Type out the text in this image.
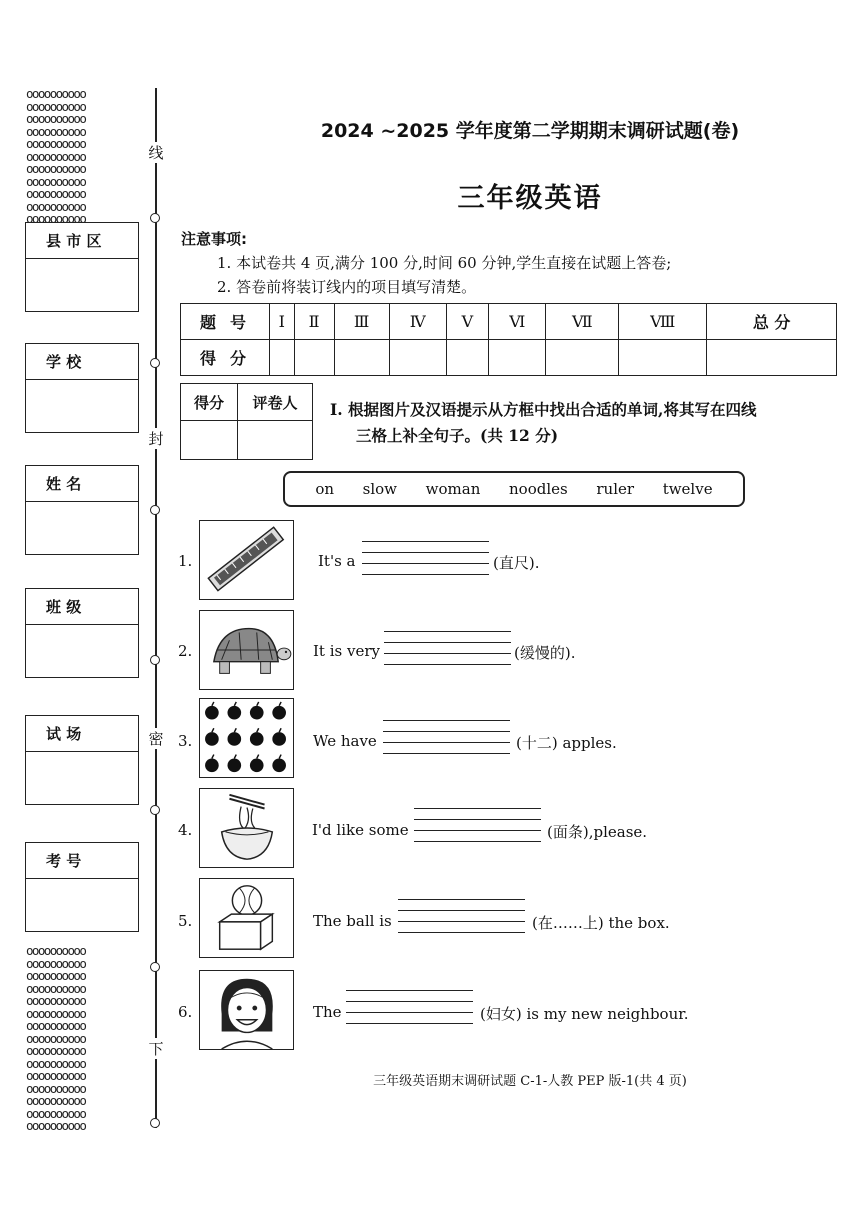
oooooooooo
oooooooooo
oooooooooo
oooooooooo
oooooooooo
oooooooooo
oooooooooo
oooooooooo
oooooooooo
oooooooooo
oooooooooo
oooooooooo
oooooooooo
oooooooooo
oooooooooo
oooooooooo
oooooooooo
oooooooooo
oooooooooo
oooooooooo
oooooooooo
oooooooooo
oooooooooo
oooooooooo
oooooooooo
oooooooooo
线
封
密
下
县 市 区
学 校
姓 名
班 级
试 场
考 号
2024 ~2025 学年度第二学期期末调研试题(卷)
三年级英语
注意事项:
1. 本试卷共 4 页,满分 100 分,时间 60 分钟,学生直接在试题上答卷;
2. 答卷前将装订线内的项目填写清楚。
题号	Ⅰ	Ⅱ	Ⅲ	Ⅳ	Ⅴ	Ⅵ	Ⅶ	Ⅷ	总 分
得分									
得分	评卷人
	Ⅰ. 根据图片及汉语提示从方框中找出合适的单词,将其写在四线
三格上补全句子。(共 12 分)
on slow woman noodles ruler twelve
1.	It's a	(直尺).
2.	It is very	(缓慢的).
3.	We have	(十二) apples.
4.	I'd like some	(面条),please.
5.	The ball is	(在……上) the box.
6.	The	(妇女) is my new neighbour.
三年级英语期末调研试题 C-1-人教 PEP 版-1(共 4 页)
